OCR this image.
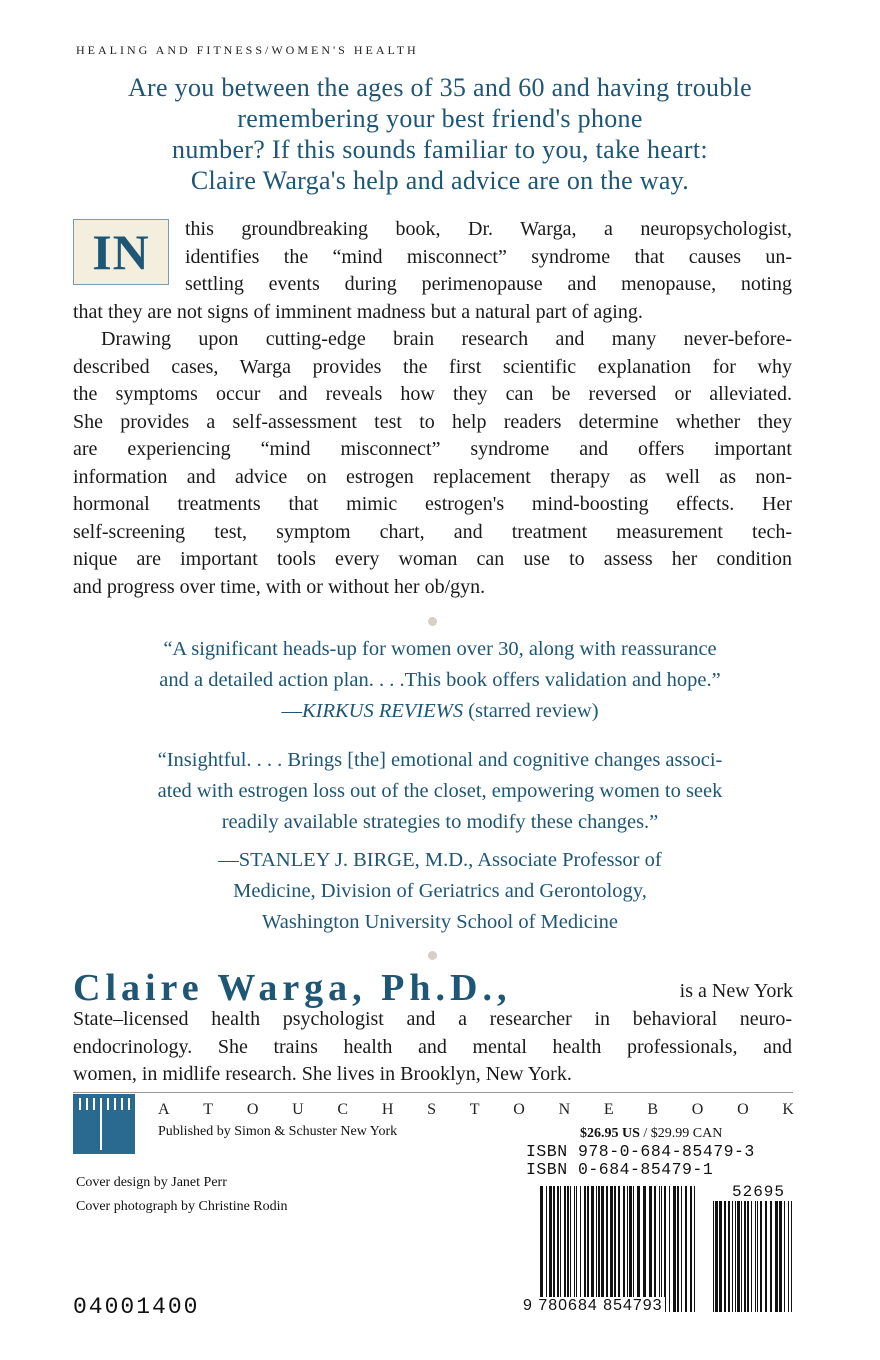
HEALING AND FITNESS/WOMEN'S HEALTH
Are you between the ages of 35 and 60 and having trouble
remembering your best friend's phone
number? If this sounds familiar to you, take heart:
Claire Warga's help and advice are on the way.
IN	this groundbreaking book, Dr. Warga, a neuropsychologist,
identifies the “mind misconnect” syndrome that causes un-
settling events during perimenopause and menopause, noting
that they are not signs of imminent madness but a natural part of aging.
Drawing upon cutting-edge brain research and many never-before-
described cases, Warga provides the first scientific explanation for why
the symptoms occur and reveals how they can be reversed or alleviated.
She provides a self-assessment test to help readers determine whether they
are experiencing “mind misconnect” syndrome and offers important
information and advice on estrogen replacement therapy as well as non-
hormonal treatments that mimic estrogen's mind-boosting effects. Her
self-screening test, symptom chart, and treatment measurement tech-
nique are important tools every woman can use to assess her condition
and progress over time, with or without her ob/gyn.
“A significant heads-up for women over 30, along with reassurance
and a detailed action plan. . . .This book offers validation and hope.”
—KIRKUS REVIEWS (starred review)
“Insightful. . . . Brings [the] emotional and cognitive changes associ-
ated with estrogen loss out of the closet, empowering women to seek
readily available strategies to modify these changes.”
—STANLEY J. BIRGE, M.D., Associate Professor of
Medicine, Division of Geriatrics and Gerontology,
Washington University School of Medicine
Claire Warga, Ph.D.,	is a New York
State–licensed health psychologist and a researcher in behavioral neuro-
endocrinology. She trains health and mental health professionals, and
women, in midlife research. She lives in Brooklyn, New York.
A T O U C H S T O N E B O O K
Published by Simon & Schuster New York	$26.95 US / $29.99 CAN
ISBN 978-0-684-85479-3
ISBN 0-684-85479-1
52695
9 780684 854793
Cover design by Janet Perr
Cover photograph by Christine Rodin
04001400
